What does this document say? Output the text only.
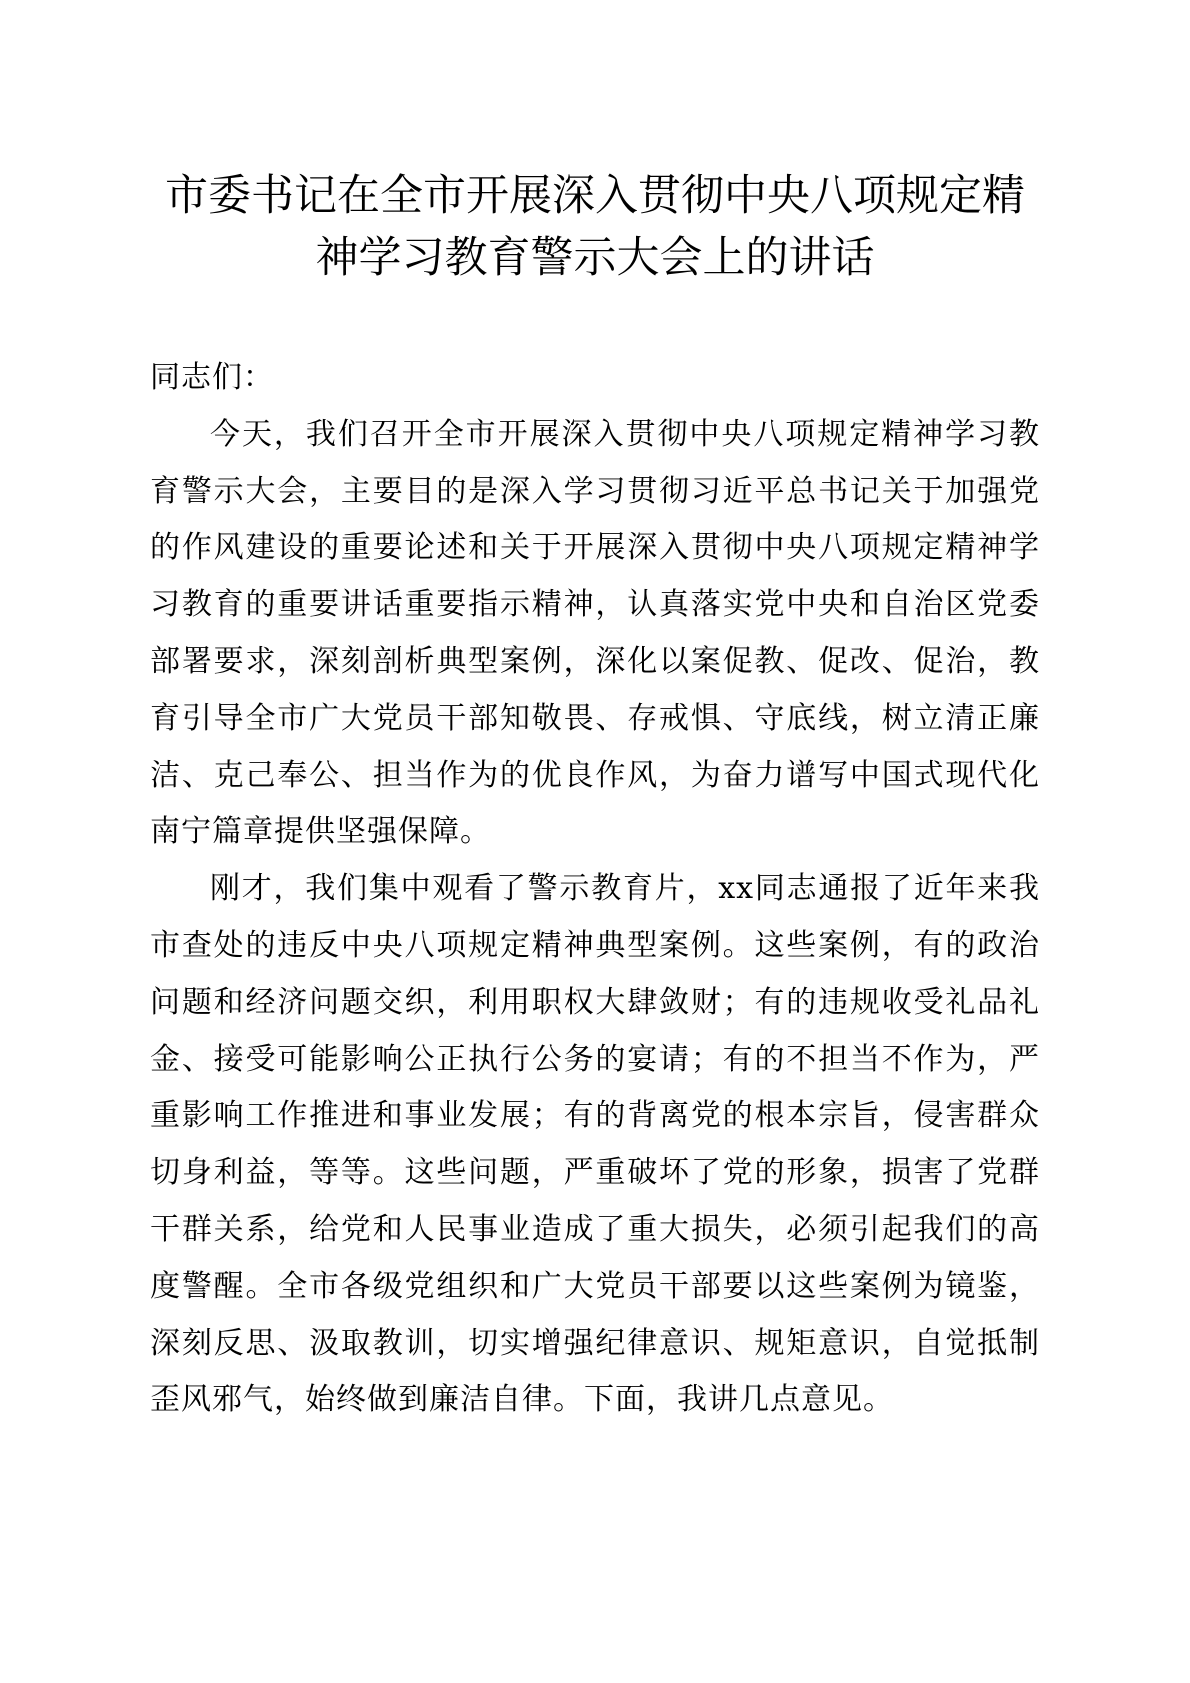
市委书记在全市开展深入贯彻中央八项规定精
神学习教育警示大会上的讲话

同志们：

今天，我们召开全市开展深入贯彻中央八项规定精神学习教育警示大会，主要目的是深入学习贯彻习近平总书记关于加强党的作风建设的重要论述和关于开展深入贯彻中央八项规定精神学习教育的重要讲话重要指示精神，认真落实党中央和自治区党委部署要求，深刻剖析典型案例，深化以案促教、促改、促治，教育引导全市广大党员干部知敬畏、存戒惧、守底线，树立清正廉洁、克己奉公、担当作为的优良作风，为奋力谱写中国式现代化南宁篇章提供坚强保障。

刚才，我们集中观看了警示教育片，xx同志通报了近年来我市查处的违反中央八项规定精神典型案例。这些案例，有的政治问题和经济问题交织，利用职权大肆敛财；有的违规收受礼品礼金、接受可能影响公正执行公务的宴请；有的不担当不作为，严重影响工作推进和事业发展；有的背离党的根本宗旨，侵害群众切身利益，等等。这些问题，严重破坏了党的形象，损害了党群干群关系，给党和人民事业造成了重大损失，必须引起我们的高度警醒。全市各级党组织和广大党员干部要以这些案例为镜鉴，深刻反思、汲取教训，切实增强纪律意识、规矩意识，自觉抵制歪风邪气，始终做到廉洁自律。下面，我讲几点意见。
